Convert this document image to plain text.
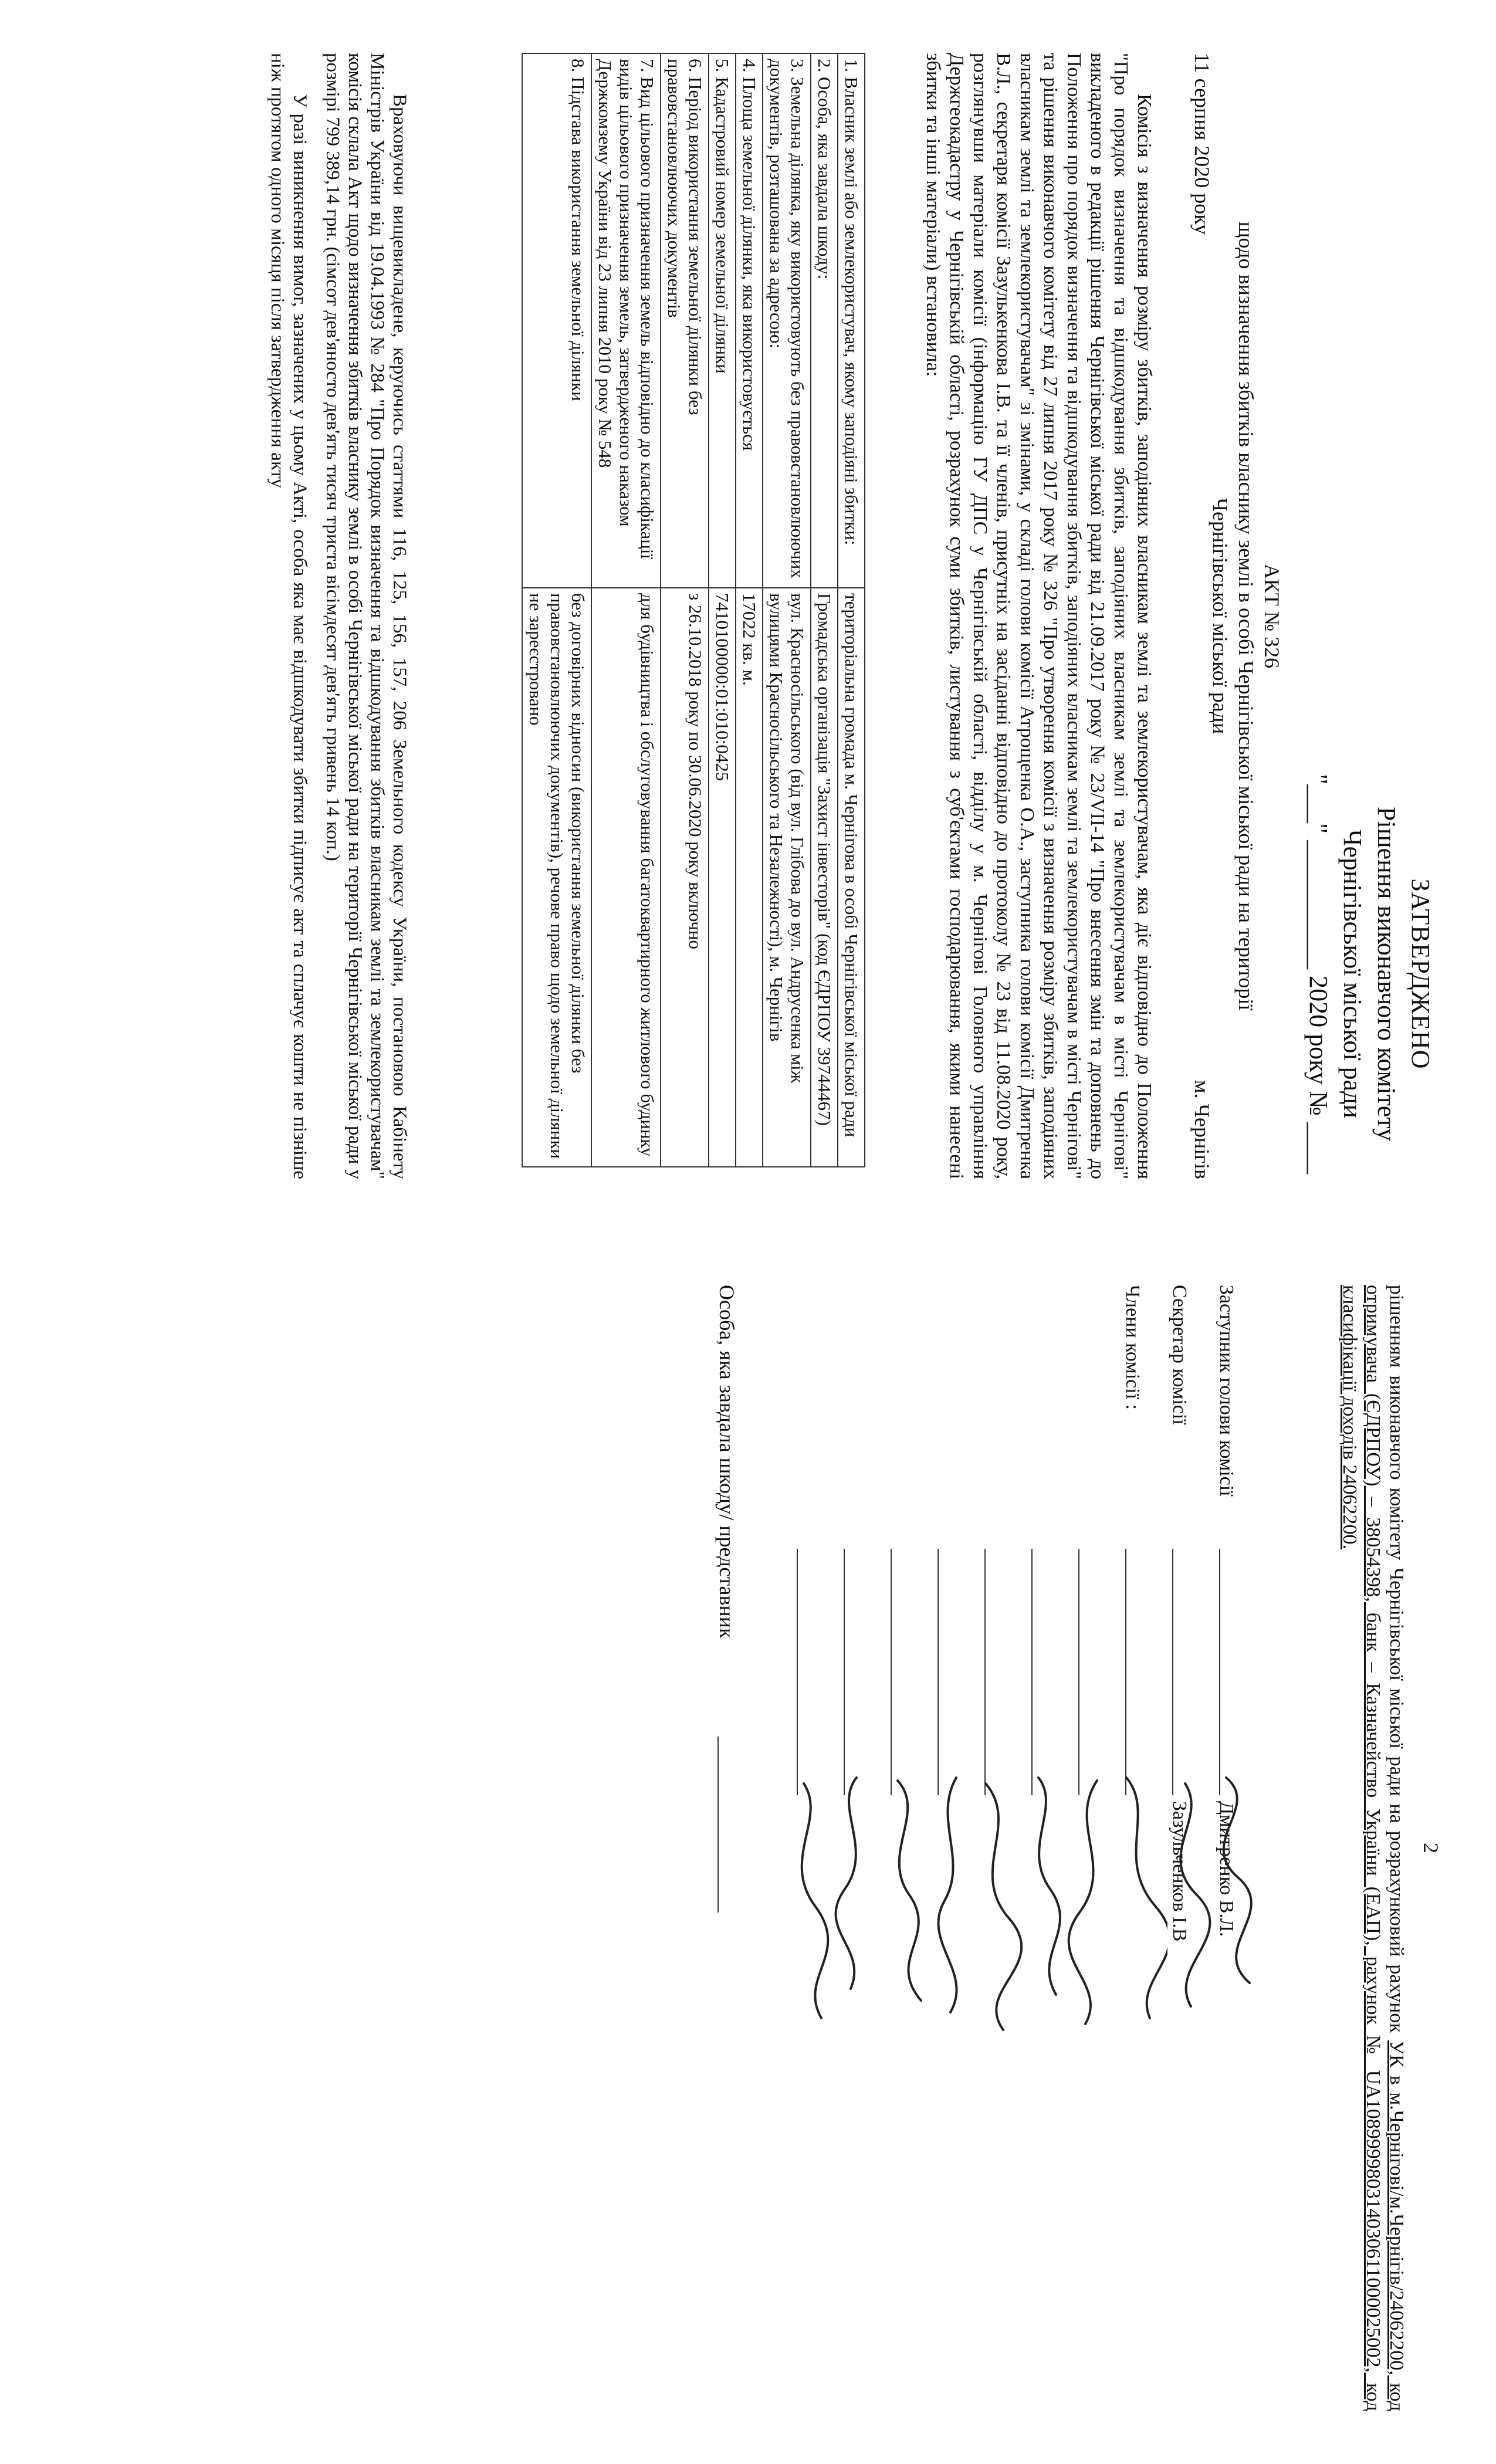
ЗАТВЕРДЖЕНО

Рішення виконавчого комітету

Чернігівської міської ради

"___" __________ 2020 року № ____

АКТ № 326

щодо визначення збитків власнику землі в особі Чернігівської міської ради на території

Чернігівської міської ради

11 серпня 2020 року
м. Чернігів

Комісія з визначення розміру збитків, заподіяних власникам землі та землекористувачам, яка діє відповідно до Положення "Про порядок визначення та відшкодування збитків, заподіяних власникам землі та землекористувачам в місті Чернігові" викладеного в редакції рішення Чернігівської міської ради від 21.09.2017 року № 23/VII-14 "Про внесення змін та доповнень до Положення про порядок визначення та відшкодування збитків, заподіяних власникам землі та землекористувачам в місті Чернігові" та рішення виконавчого комітету від 27 липня 2017 року № 326 "Про утворення комісії з визначення розміру збитків, заподіяних власникам землі та землекористувачам" зі змінами, у складі голови комісії Атрощенка О.А., заступника голови комісії Дмитренка В.Л., секретаря комісії Зазулькенкова І.В. та її членів, присутніх на засіданні відповідно до протоколу № 23 від 11.08.2020 року, розглянувши матеріали комісії (інформацію ГУ ДПС у Чернігівській області, відділу у м. Чернігові Головного управління Держгеокадастру у Чернігівській області, розрахунок суми збитків, листування з суб'єктами господарювання, якими нанесені збитки та інші матеріали) встановила:

1. Власник землі або землекористувач, якому заподіяні збитки:	територіальна громада м. Чернігова в особі Чернігівської міської ради
2. Особа, яка завдала шкоду:	Громадська організація "Захист інвесторів" (код ЄДРПОУ 39744467)
3. Земельна ділянка, яку використовують без правовстановлюючих документів, розташована за адресою:	вул. Красносільського (від вул. Глібова до вул. Андрусенка між вулицями Красносільського та Незалежності), м. Чернігів
4. Площа земельної ділянки, яка використовується	17022 кв. м.
5. Кадастровий номер земельної ділянки	7410100000:01:010:0425
6. Період використання земельної ділянки без правовстановлюючих документів	з 26.10.2018 року по 30.06.2020 року включно
7. Вид цільового призначення земель відповідно до класифікації видів цільового призначення земель, затвердженого наказом Держкомзему України від 23 липня 2010 року № 548	для будівництва і обслуговування багатоквартирного житлового будинку
8. Підстава використання земельної ділянки	без договірних відносин (використання земельної ділянки без правовстановлюючих документів), речове право щодо земельної ділянки не зареєстровано

Враховуючи вищевикладене, керуючись статтями 116, 125, 156, 157, 206 Земельного кодексу України, постановою Кабінету Міністрів України від 19.04.1993 № 284 "Про Порядок визначення та відшкодування збитків власникам землі та землекористувачам" комісія склала Акт щодо визначення збитків власнику землі в особі Чернігівської міської ради на території Чернігівської міської ради у розмірі 799 389,14 грн. (сімсот дев'яносто дев'ять тисяч триста вісімдесят дев'ять гривень 14 коп.)

У разі виникнення вимог, зазначених у цьому Акті, особа яка має відшкодувати збитки підписує акт та сплачує кошти не пізніше ніж протягом одного місяця після затвердження акту

2

рішенням виконавчого комітету Чернігівської міської ради на розрахунковий рахунок УК в м.Чернігові/м.Чернігів/24062200, код отримувача (ЄДРПОУ) – 38054398, банк – Казначейство України (ЕАП), рахунок № UA108999980314030611000025002, код класифікації доходів 24062200.

Заступник голови комісії
Дмитренко В.Л.
Секретар комісії
Зазульченков І.В
Члени комісії :
Особа, яка завдала шкоду/ представник
